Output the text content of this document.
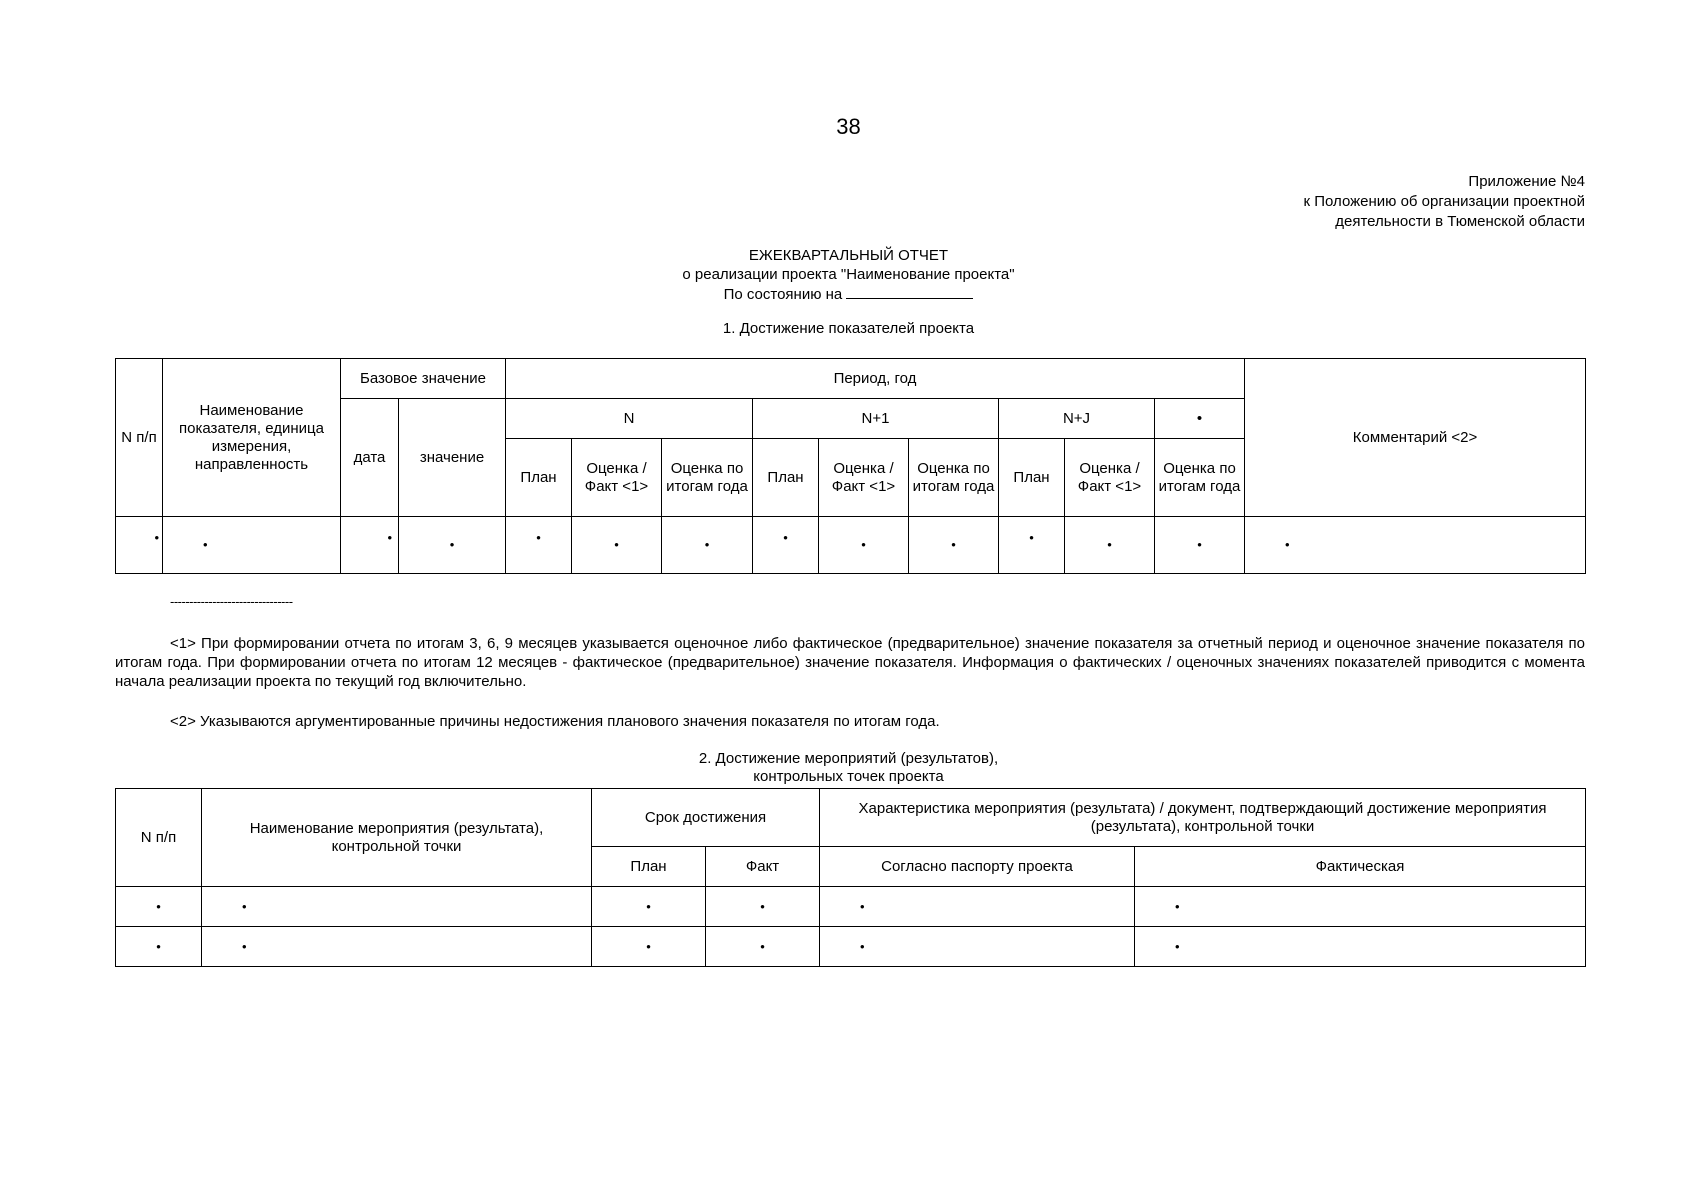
38
Приложение №4
к Положению об организации проектной
деятельности в Тюменской области
ЕЖЕКВАРТАЛЬНЫЙ ОТЧЕТ
о реализации проекта "Наименование проекта"
По состоянию на
1. Достижение показателей проекта
N п/п	Наименование показателя, единица измерения, направленность	Базовое значение		Период, год									Комментарий <2>
		дата	значение	N			N+1			N+J		•	
				План	Оценка / Факт <1>	Оценка по итогам года	План	Оценка / Факт <1>	Оценка по итогам года	План	Оценка / Факт <1>	Оценка по итогам года	
•	•	•	•	•	•	•	•	•	•	•	•	•	•
--------------------------------
<1> При формировании отчета по итогам 3, 6, 9 месяцев указывается оценочное либо фактическое (предварительное) значение показателя за отчетный период и оценочное значение показателя по итогам года. При формировании отчета по итогам 12 месяцев - фактическое (предварительное) значение показателя. Информация о фактических / оценочных значениях показателей приводится с момента начала реализации проекта по текущий год включительно.
<2> Указываются аргументированные причины недостижения планового значения показателя по итогам года.
2. Достижение мероприятий (результатов),
контрольных точек проекта
N п/п	Наименование мероприятия (результата), контрольной точки	Срок достижения		Характеристика мероприятия (результата) / документ, подтверждающий достижение мероприятия (результата), контрольной точки	
		План	Факт	Согласно паспорту проекта	Фактическая
•	•	•	•	•	•
•	•	•	•	•	•
